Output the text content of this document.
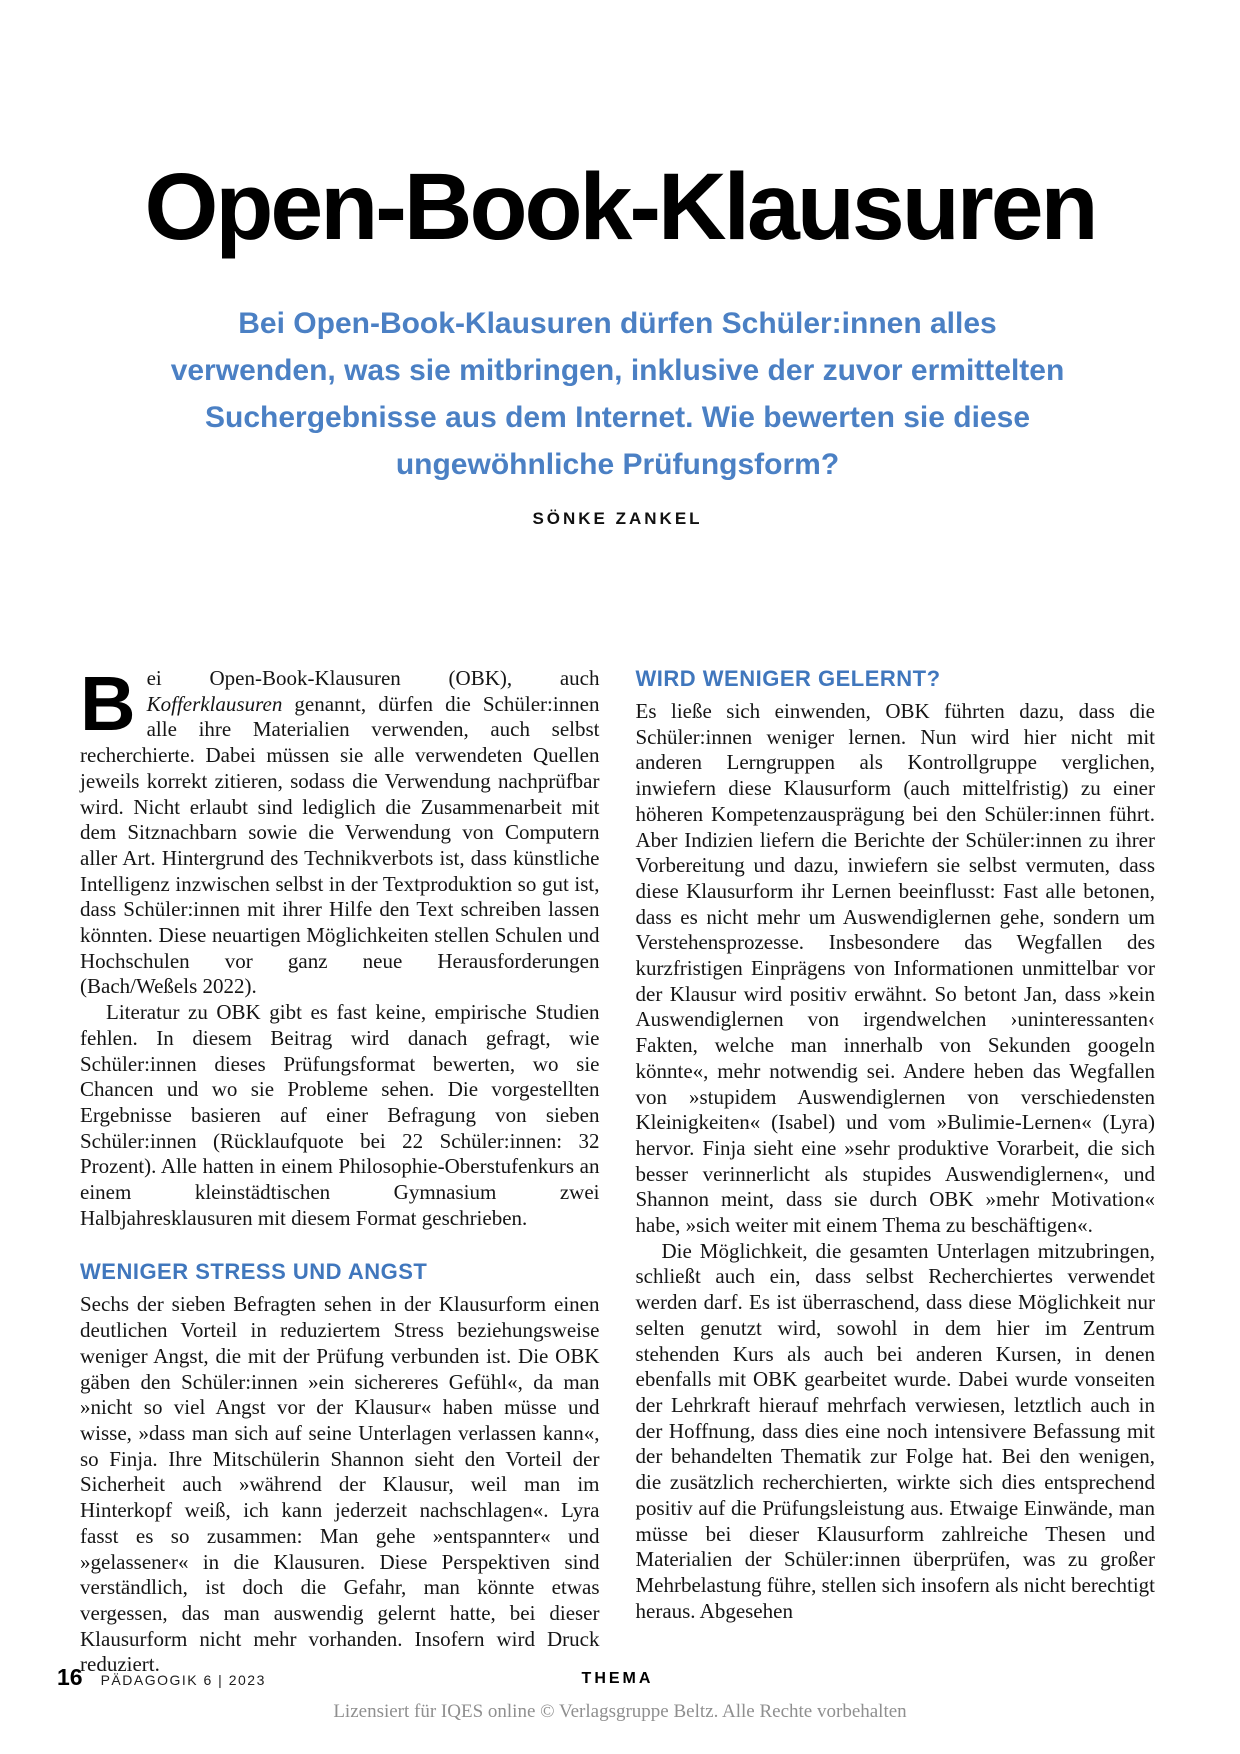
Open-Book-Klausuren
Bei Open-Book-Klausuren dürfen Schüler:innen alles
verwenden, was sie mitbringen, inklusive der zuvor ermittelten
Suchergebnisse aus dem Internet. Wie bewerten sie diese
ungewöhnliche Prüfungsform?
SÖNKE ZANKEL

Bei Open-Book-Klausuren (OBK), auch Kofferklausuren genannt, dürfen die Schüler:innen alle ihre Materialien verwenden, auch selbst recherchierte. Dabei müssen sie alle verwendeten Quellen jeweils korrekt zitieren, sodass die Verwendung nachprüfbar wird. Nicht erlaubt sind lediglich die Zusammenarbeit mit dem Sitznachbarn sowie die Verwendung von Computern aller Art. Hintergrund des Technikverbots ist, dass künstliche Intelligenz inzwischen selbst in der Textproduktion so gut ist, dass Schüler:innen mit ihrer Hilfe den Text schreiben lassen könnten. Diese neuartigen Möglichkeiten stellen Schulen und Hochschulen vor ganz neue Herausforderungen (Bach/Weßels 2022).

Literatur zu OBK gibt es fast keine, empirische Studien fehlen. In diesem Beitrag wird danach gefragt, wie Schüler:innen dieses Prüfungsformat bewerten, wo sie Chancen und wo sie Probleme sehen. Die vorgestellten Ergebnisse basieren auf einer Befragung von sieben Schüler:innen (Rücklaufquote bei 22 Schüler:innen: 32 Prozent). Alle hatten in einem Philosophie-Oberstufenkurs an einem kleinstädtischen Gymnasium zwei Halbjahresklausuren mit diesem Format geschrieben.

WENIGER STRESS UND ANGST

Sechs der sieben Befragten sehen in der Klausurform einen deutlichen Vorteil in reduziertem Stress beziehungsweise weniger Angst, die mit der Prüfung verbunden ist. Die OBK gäben den Schüler:innen »ein sichereres Gefühl«, da man »nicht so viel Angst vor der Klausur« haben müsse und wisse, »dass man sich auf seine Unterlagen verlassen kann«, so Finja. Ihre Mitschülerin Shannon sieht den Vorteil der Sicherheit auch »während der Klausur, weil man im Hinterkopf weiß, ich kann jederzeit nachschlagen«. Lyra fasst es so zusammen: Man gehe »entspannter« und »gelassener« in die Klausuren. Diese Perspektiven sind verständlich, ist doch die Gefahr, man könnte etwas vergessen, das man auswendig gelernt hatte, bei dieser Klausurform nicht mehr vorhanden. Insofern wird Druck reduziert.

WIRD WENIGER GELERNT?

Es ließe sich einwenden, OBK führten dazu, dass die Schüler:innen weniger lernen. Nun wird hier nicht mit anderen Lerngruppen als Kontrollgruppe verglichen, inwiefern diese Klausurform (auch mittelfristig) zu einer höheren Kompetenzausprägung bei den Schüler:innen führt. Aber Indizien liefern die Berichte der Schüler:innen zu ihrer Vorbereitung und dazu, inwiefern sie selbst vermuten, dass diese Klausurform ihr Lernen beeinflusst: Fast alle betonen, dass es nicht mehr um Auswendiglernen gehe, sondern um Verstehensprozesse. Insbesondere das Wegfallen des kurzfristigen Einprägens von Informationen unmittelbar vor der Klausur wird positiv erwähnt. So betont Jan, dass »kein Auswendiglernen von irgendwelchen ›uninteressanten‹ Fakten, welche man innerhalb von Sekunden googeln könnte«, mehr notwendig sei. Andere heben das Wegfallen von »stupidem Auswendiglernen von verschiedensten Kleinigkeiten« (Isabel) und vom »Bulimie-Lernen« (Lyra) hervor. Finja sieht eine »sehr produktive Vorarbeit, die sich besser verinnerlicht als stupides Auswendiglernen«, und Shannon meint, dass sie durch OBK »mehr Motivation« habe, »sich weiter mit einem Thema zu beschäftigen«.

Die Möglichkeit, die gesamten Unterlagen mitzubringen, schließt auch ein, dass selbst Recherchiertes verwendet werden darf. Es ist überraschend, dass diese Möglichkeit nur selten genutzt wird, sowohl in dem hier im Zentrum stehenden Kurs als auch bei anderen Kursen, in denen ebenfalls mit OBK gearbeitet wurde. Dabei wurde vonseiten der Lehrkraft hierauf mehrfach verwiesen, letztlich auch in der Hoffnung, dass dies eine noch intensivere Befassung mit der behandelten Thematik zur Folge hat. Bei den wenigen, die zusätzlich recherchierten, wirkte sich dies entsprechend positiv auf die Prüfungsleistung aus. Etwaige Einwände, man müsse bei dieser Klausurform zahlreiche Thesen und Materialien der Schüler:innen überprüfen, was zu großer Mehrbelastung führe, stellen sich insofern als nicht berechtigt heraus. Abgesehen

16 PÄDAGOGIK 6 | 2023	THEMA
Lizensiert für IQES online © Verlagsgruppe Beltz. Alle Rechte vorbehalten
